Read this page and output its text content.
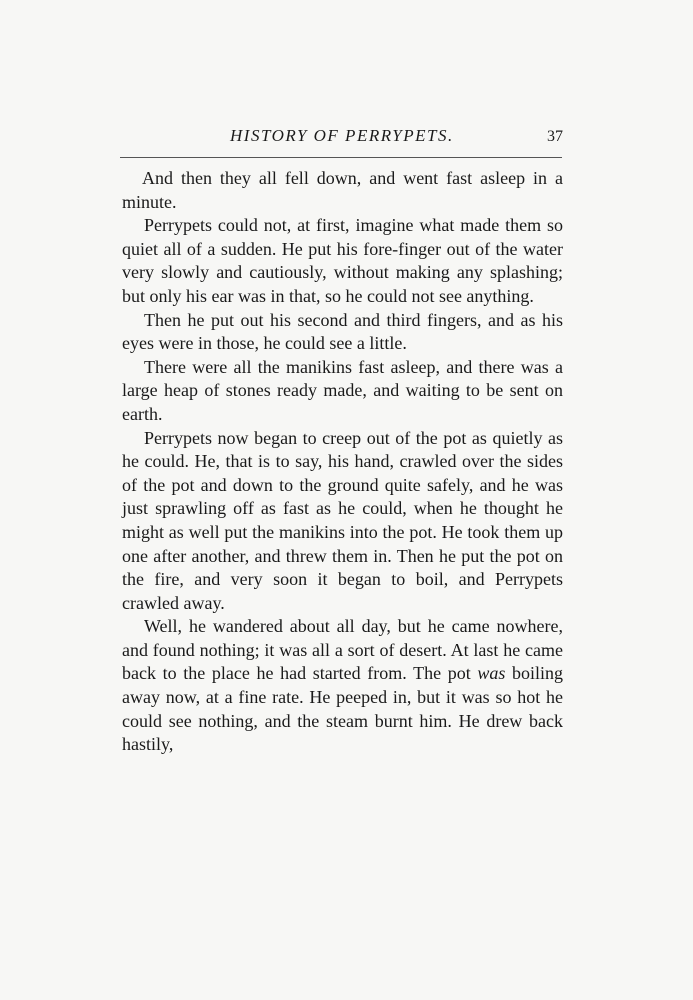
HISTORY OF PERRYPETS.	37

And then they all fell down, and went fast asleep in a minute.

Perrypets could not, at first, imagine what made them so quiet all of a sudden. He put his fore-finger out of the water very slowly and cautiously, without making any splashing; but only his ear was in that, so he could not see anything.

Then he put out his second and third fingers, and as his eyes were in those, he could see a little.

There were all the manikins fast asleep, and there was a large heap of stones ready made, and waiting to be sent on earth.

Perrypets now began to creep out of the pot as quietly as he could. He, that is to say, his hand, crawled over the sides of the pot and down to the ground quite safely, and he was just sprawling off as fast as he could, when he thought he might as well put the manikins into the pot. He took them up one after another, and threw them in. Then he put the pot on the fire, and very soon it began to boil, and Perrypets crawled away.

Well, he wandered about all day, but he came nowhere, and found nothing; it was all a sort of desert. At last he came back to the place he had started from. The pot was boiling away now, at a fine rate. He peeped in, but it was so hot he could see nothing, and the steam burnt him. He drew back hastily,
